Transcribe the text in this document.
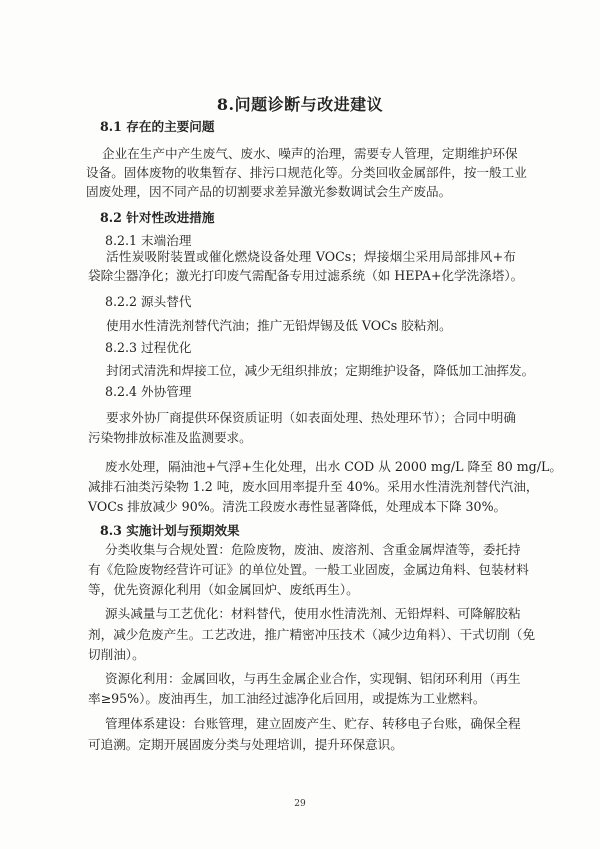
8.问题诊断与改进建议
8.1 存在的主要问题
企业在生产中产生废气、废水、噪声的治理，需要专人管理，定期维护环保
设备。固体废物的收集暂存、排污口规范化等。分类回收金属部件，按一般工业
固废处理，因不同产品的切割要求差异激光参数调试会生产废品。
8.2 针对性改进措施
8.2.1 末端治理
活性炭吸附装置或催化燃烧设备处理 VOCs；焊接烟尘采用局部排风+布
袋除尘器净化；激光打印废气需配备专用过滤系统（如 HEPA+化学洗涤塔）。
8.2.2 源头替代
使用水性清洗剂替代汽油；推广无铅焊锡及低 VOCs 胶粘剂。
8.2.3 过程优化
封闭式清洗和焊接工位，减少无组织排放；定期维护设备，降低加工油挥发。
8.2.4 外协管理
要求外协厂商提供环保资质证明（如表面处理、热处理环节）；合同中明确
污染物排放标准及监测要求。
废水处理，隔油池+气浮+生化处理，出水 COD 从 2000 mg/L 降至 80 mg/L。
减排石油类污染物 1.2 吨，废水回用率提升至 40%。采用水性清洗剂替代汽油，
VOCs 排放减少 90%。清洗工段废水毒性显著降低，处理成本下降 30%。
8.3 实施计划与预期效果
分类收集与合规处置：危险废物，废油、废溶剂、含重金属焊渣等，委托持
有《危险废物经营许可证》的单位处置。一般工业固废，金属边角料、包装材料
等，优先资源化利用（如金属回炉、废纸再生）。
源头减量与工艺优化：材料替代，使用水性清洗剂、无铅焊料、可降解胶粘
剂，减少危废产生。工艺改进，推广精密冲压技术（减少边角料）、干式切削（免
切削油）。
资源化利用：金属回收，与再生金属企业合作，实现铜、铝闭环利用（再生
率≥95%）。废油再生，加工油经过滤净化后回用，或提炼为工业燃料。
管理体系建设：台账管理，建立固废产生、贮存、转移电子台账，确保全程
可追溯。定期开展固废分类与处理培训，提升环保意识。
29
